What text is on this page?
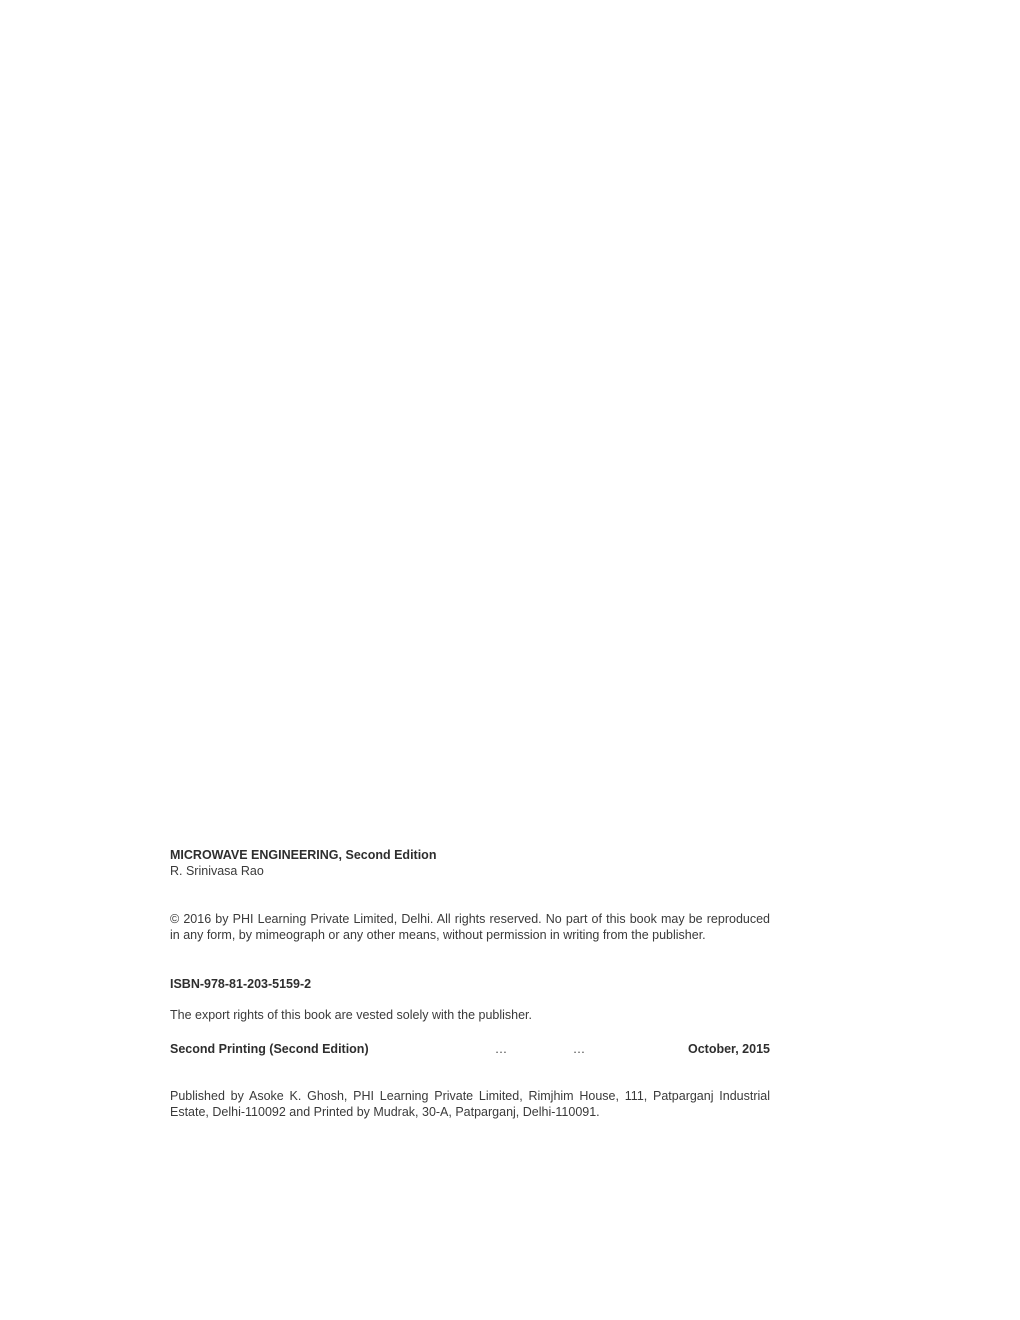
MICROWAVE ENGINEERING, Second Edition
R. Srinivasa Rao
© 2016 by PHI Learning Private Limited, Delhi. All rights reserved. No part of this book may be reproduced in any form, by mimeograph or any other means, without permission in writing from the publisher.
ISBN-978-81-203-5159-2
The export rights of this book are vested solely with the publisher.
Second Printing (Second Edition)	…	…	October, 2015
Published by Asoke K. Ghosh, PHI Learning Private Limited, Rimjhim House, 111, Patparganj Industrial Estate, Delhi-110092 and Printed by Mudrak, 30-A, Patparganj, Delhi-110091.
